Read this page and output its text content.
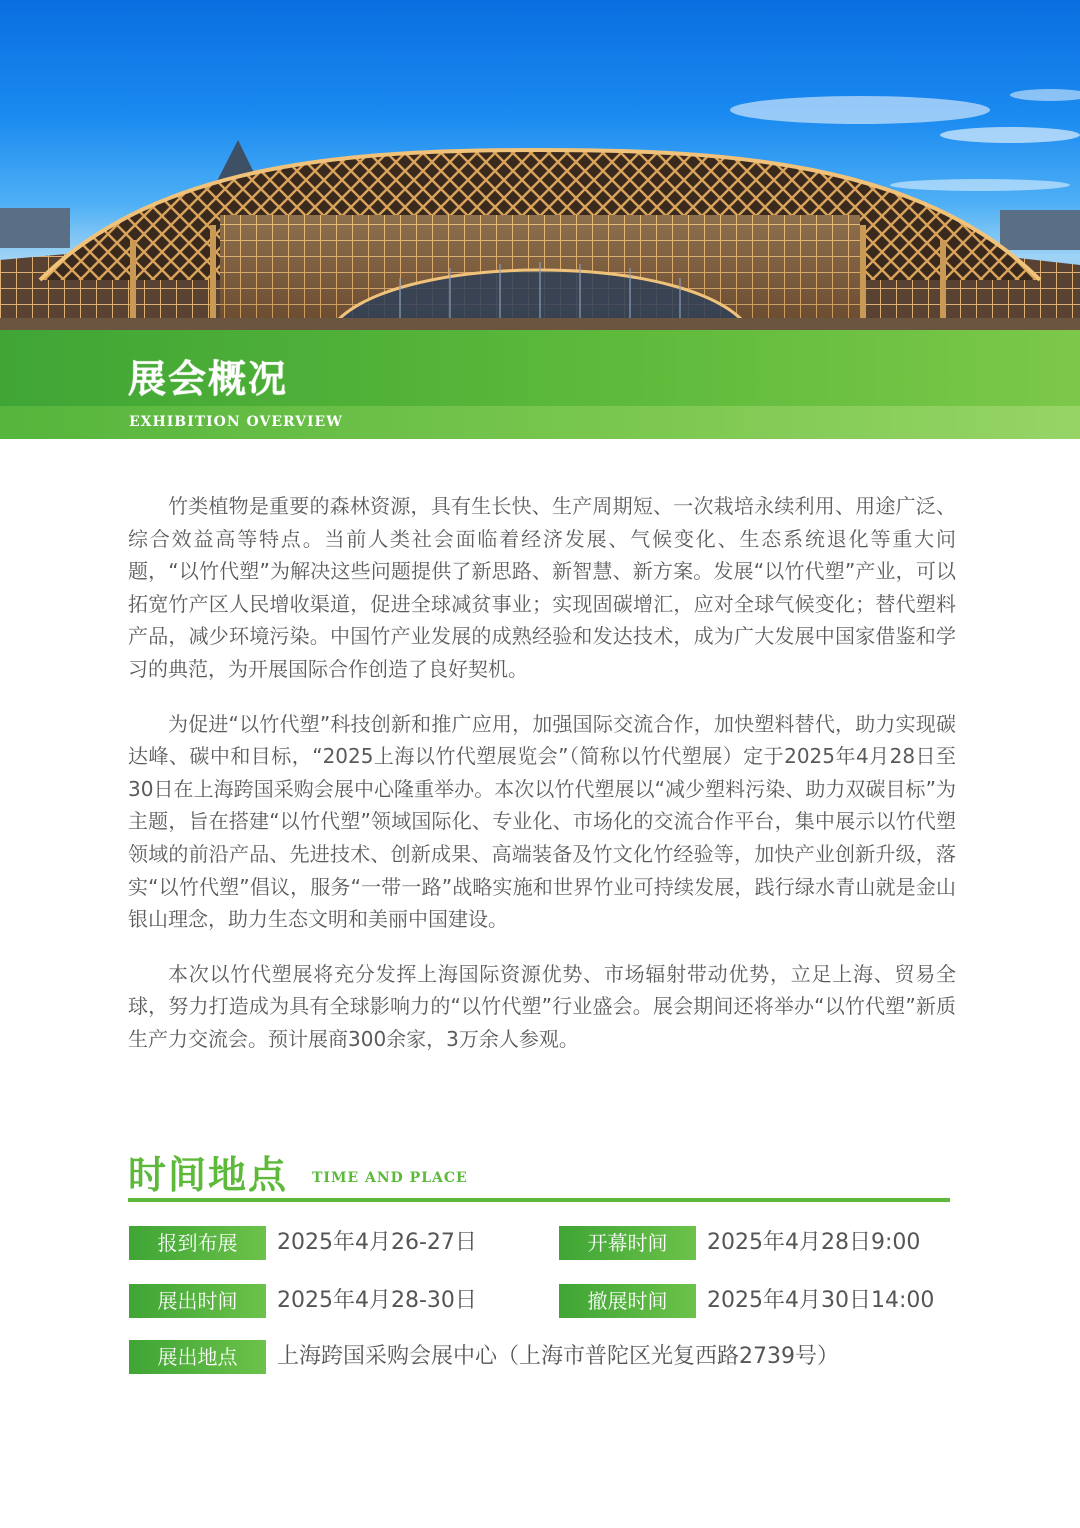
展会概况
EXHIBITION OVERVIEW

竹类植物是重要的森林资源，具有生长快、生产周期短、一次栽培永续利用、用途广泛、综合效益高等特点。当前人类社会面临着经济发展、气候变化、生态系统退化等重大问题，“以竹代塑”为解决这些问题提供了新思路、新智慧、新方案。发展“以竹代塑”产业，可以拓宽竹产区人民增收渠道，促进全球减贫事业；实现固碳增汇，应对全球气候变化；替代塑料产品，减少环境污染。中国竹产业发展的成熟经验和发达技术，成为广大发展中国家借鉴和学习的典范，为开展国际合作创造了良好契机。

为促进“以竹代塑”科技创新和推广应用，加强国际交流合作，加快塑料替代，助力实现碳达峰、碳中和目标，“2025上海以竹代塑展览会”（简称以竹代塑展）定于2025年4月28日至30日在上海跨国采购会展中心隆重举办。本次以竹代塑展以“减少塑料污染、助力双碳目标”为主题，旨在搭建“以竹代塑”领域国际化、专业化、市场化的交流合作平台，集中展示以竹代塑领域的前沿产品、先进技术、创新成果、高端装备及竹文化竹经验等，加快产业创新升级，落实“以竹代塑”倡议，服务“一带一路”战略实施和世界竹业可持续发展，践行绿水青山就是金山银山理念，助力生态文明和美丽中国建设。

本次以竹代塑展将充分发挥上海国际资源优势、市场辐射带动优势，立足上海、贸易全球，努力打造成为具有全球影响力的“以竹代塑”行业盛会。展会期间还将举办“以竹代塑”新质生产力交流会。预计展商300余家，3万余人参观。

时间地点 TIME AND PLACE
报到布展	2025年4月26-27日	开幕时间	2025年4月28日9:00
展出时间	2025年4月28-30日	撤展时间	2025年4月30日14:00
展出地点	上海跨国采购会展中心（上海市普陀区光复西路2739号）
